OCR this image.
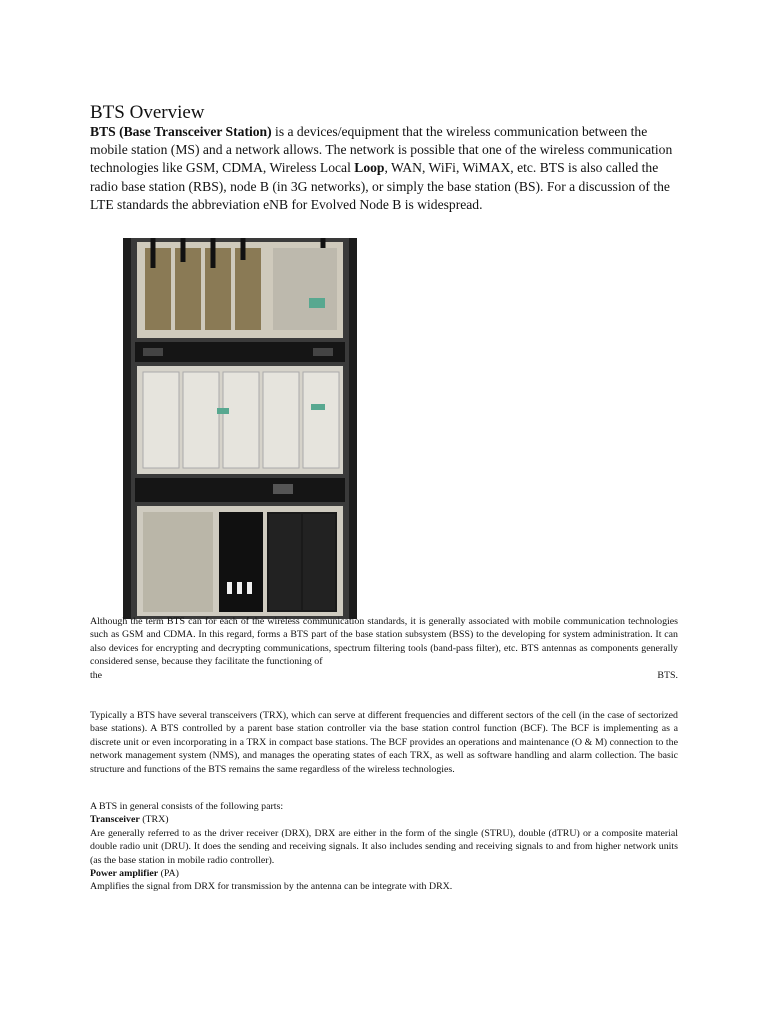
BTS Overview

BTS (Base Transceiver Station) is a devices/equipment that the wireless communication between the mobile station (MS) and a network allows. The network is possible that one of the wireless communication technologies like GSM, CDMA, Wireless Local Loop, WAN, WiFi, WiMAX, etc. BTS is also called the radio base station (RBS), node B (in 3G networks), or simply the base station (BS). For a discussion of the LTE standards the abbreviation eNB for Evolved Node B is widespread.

Although the term BTS can for each of the wireless communication standards, it is generally associated with mobile communication technologies such as GSM and CDMA. In this regard, forms a BTS part of the base station subsystem (BSS) to the developing for system administration. It can also devices for encrypting and decrypting communications, spectrum filtering tools (band-pass filter), etc. BTS antennas as components generally considered sense, because they facilitate the functioning of
the	BTS.

Typically a BTS have several transceivers (TRX), which can serve at different frequencies and different sectors of the cell (in the case of sectorized base stations). A BTS controlled by a parent base station controller via the base station control function (BCF). The BCF is implementing as a discrete unit or even incorporating in a TRX in compact base stations. The BCF provides an operations and maintenance (O & M) connection to the network management system (NMS), and manages the operating states of each TRX, as well as software handling and alarm collection. The basic structure and functions of the BTS remains the same regardless of the wireless technologies.

A BTS in general consists of the following parts:
Transceiver (TRX)
Are generally referred to as the driver receiver (DRX), DRX are either in the form of the single (STRU), double (dTRU) or a composite material double radio unit (DRU). It does the sending and receiving signals. It also includes sending and receiving signals to and from higher network units (as the base station in mobile radio controller).
Power amplifier (PA)
Amplifies the signal from DRX for transmission by the antenna can be integrate with DRX.
